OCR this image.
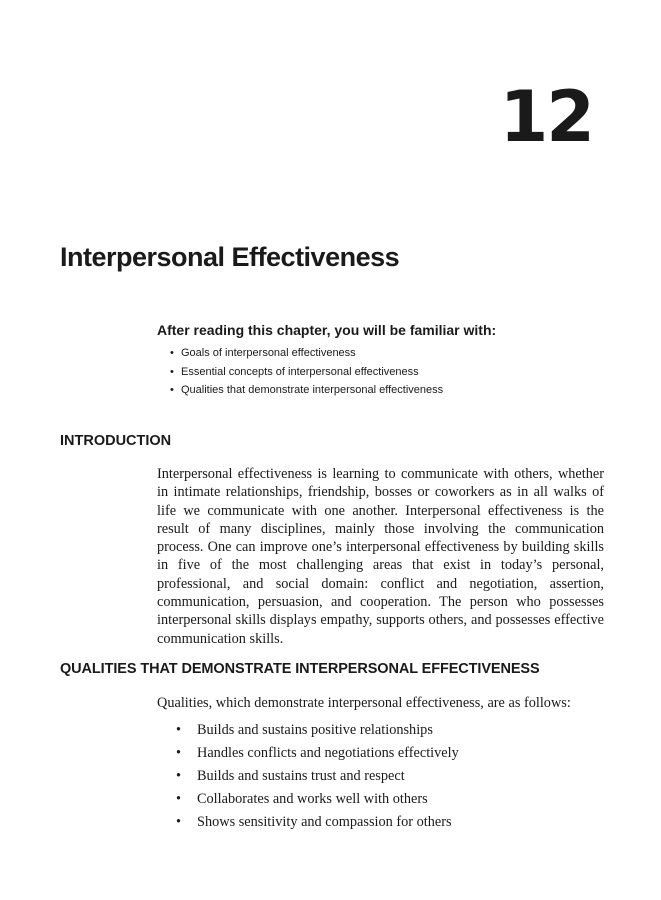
12
Interpersonal Effectiveness

After reading this chapter, you will be familiar with:

• Goals of interpersonal effectiveness
• Essential concepts of interpersonal effectiveness
• Qualities that demonstrate interpersonal effectiveness
INTRODUCTION

Interpersonal effectiveness is learning to communicate with others, whether in intimate relationships, friendship, bosses or coworkers as in all walks of life we communicate with one another. Interpersonal effectiveness is the result of many disciplines, mainly those involving the communication process. One can improve one’s interpersonal effectiveness by building skills in five of the most challenging areas that exist in today’s personal, professional, and social domain: conflict and negotiation, assertion, communication, persuasion, and cooperation. The person who possesses interpersonal skills displays empathy, supports others, and possesses effective communication skills.

QUALITIES THAT DEMONSTRATE INTERPERSONAL EFFECTIVENESS

Qualities, which demonstrate interpersonal effectiveness, are as follows:

• Builds and sustains positive relationships
• Handles conflicts and negotiations effectively
• Builds and sustains trust and respect
• Collaborates and works well with others
• Shows sensitivity and compassion for others
